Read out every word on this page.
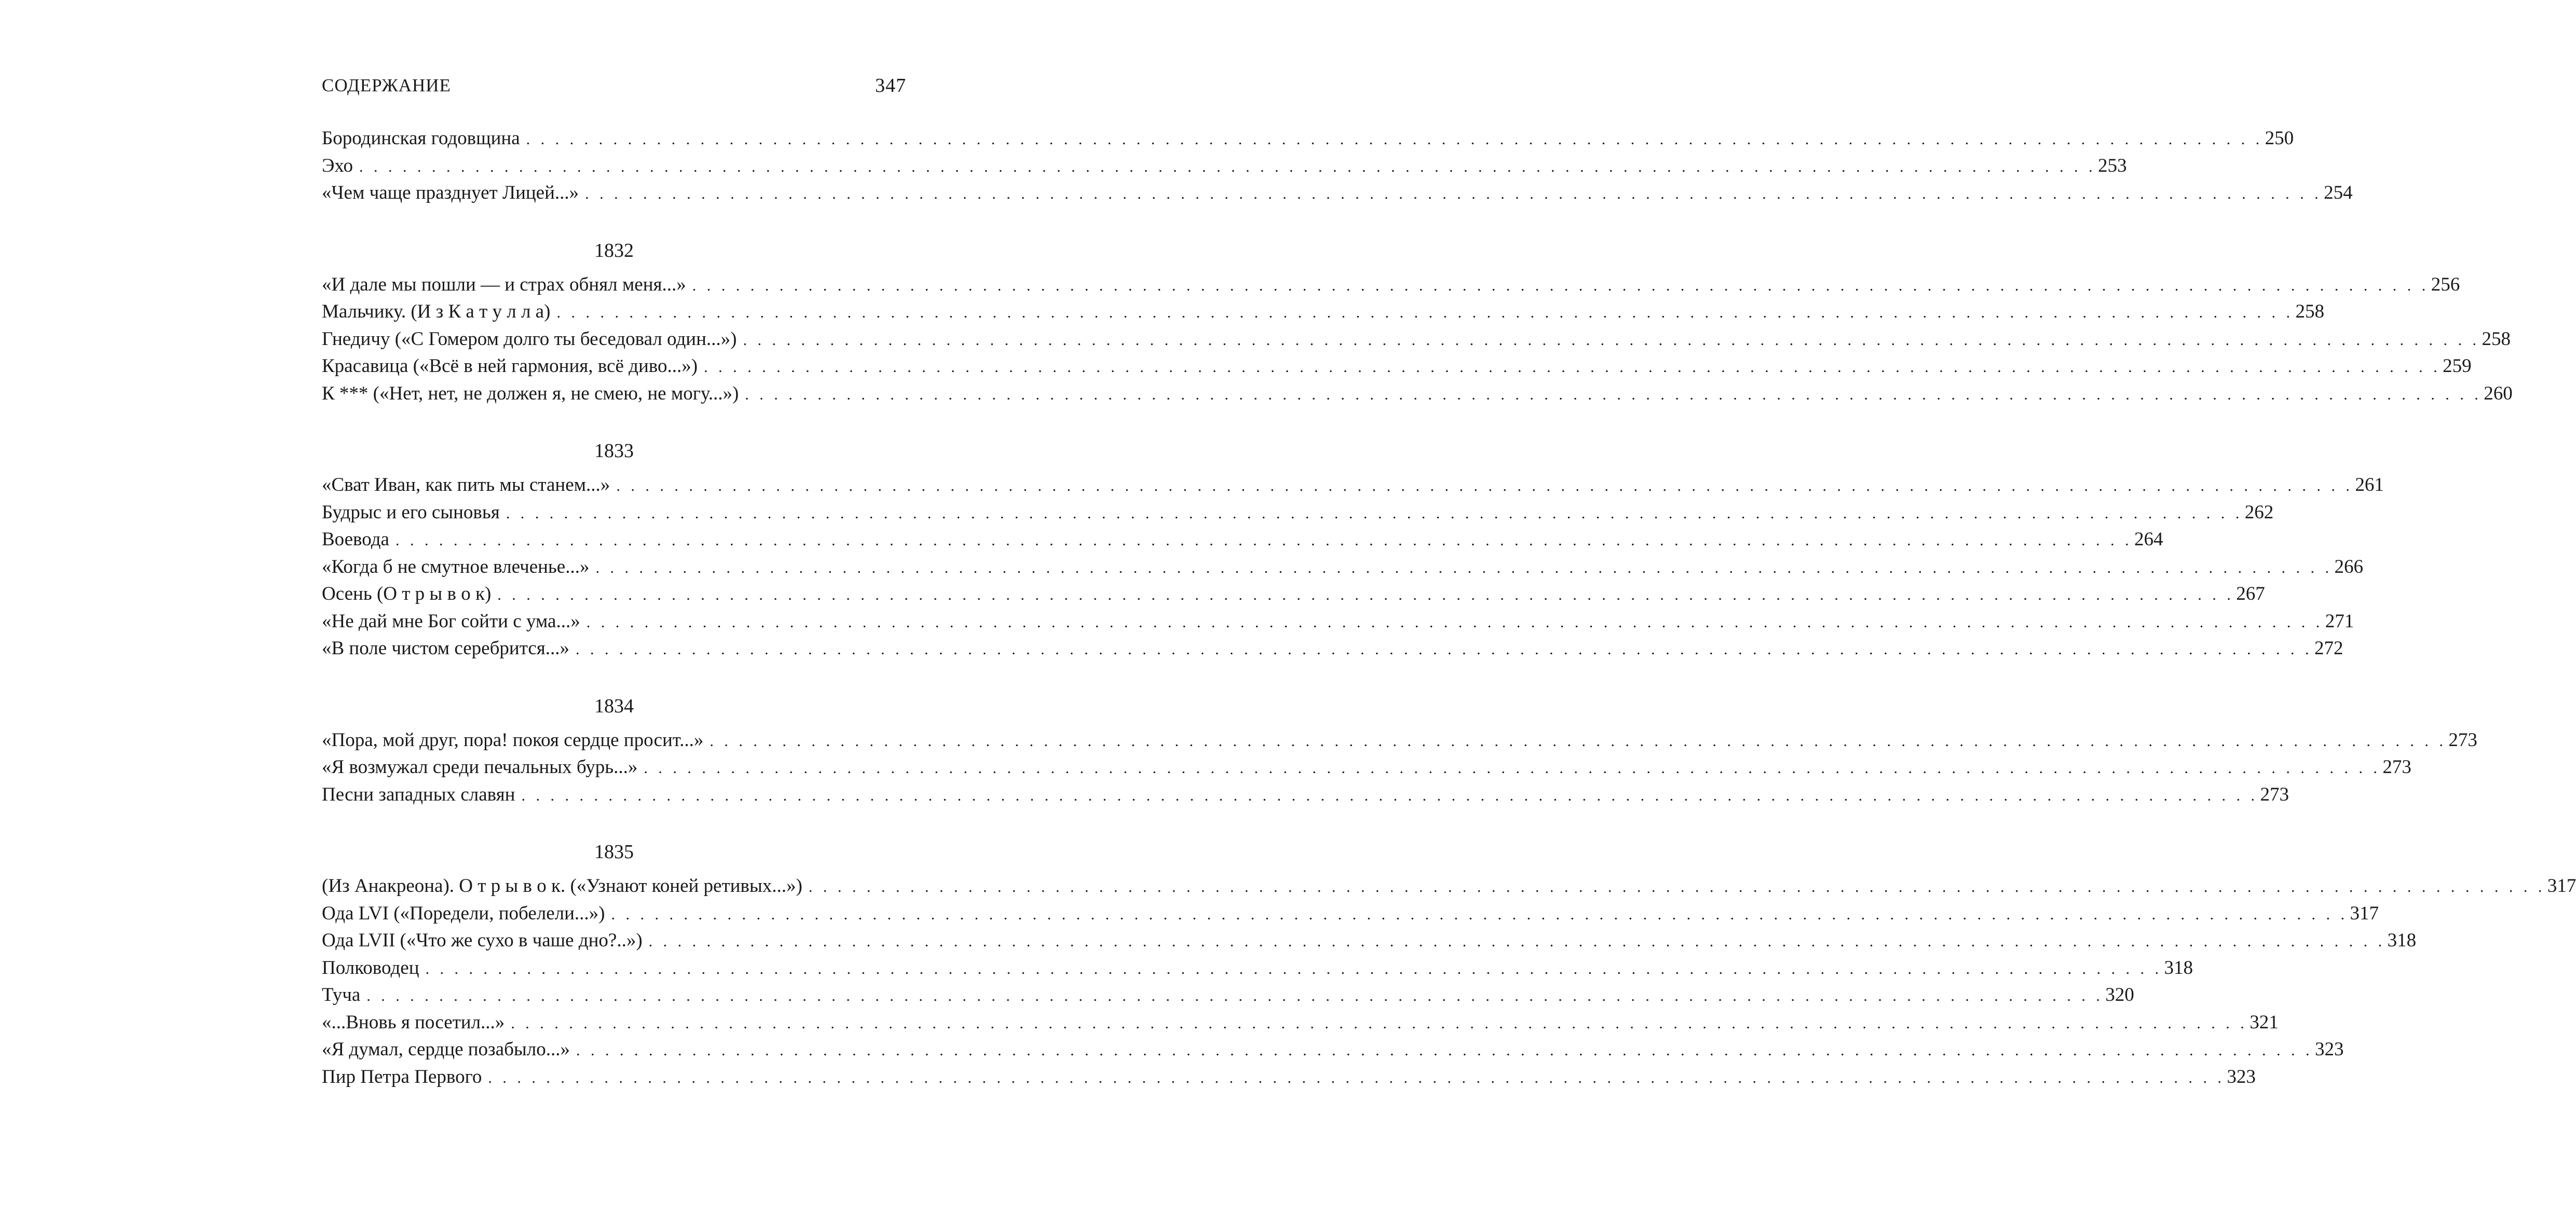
СОДЕРЖАНИЕ	347
Бородинская годовщина . . . . . . . . . . . . . . . . . . . . . . . . . . . . . . . . . . . . . . . . . . . . . . . . . . . . . . . . . . . . . . . . . . . . . . . . . . . . . . . . . . . . . . . . . . . . . . . . . . . . . . . . . . . . . . . . . . . . . . . . 250
Эхо . . . . . . . . . . . . . . . . . . . . . . . . . . . . . . . . . . . . . . . . . . . . . . . . . . . . . . . . . . . . . . . . . . . . . . . . . . . . . . . . . . . . . . . . . . . . . . . . . . . . . . . . . . . . . . . . . . . . . . . . 253
«Чем чаще празднует Лицей...» . . . . . . . . . . . . . . . . . . . . . . . . . . . . . . . . . . . . . . . . . . . . . . . . . . . . . . . . . . . . . . . . . . . . . . . . . . . . . . . . . . . . . . . . . . . . . . . . . . . . . . . . . . . . . . . . . . . . . . . . 254
1832
«И дале мы пошли — и страх обнял меня...» . . . . . . . . . . . . . . . . . . . . . . . . . . . . . . . . . . . . . . . . . . . . . . . . . . . . . . . . . . . . . . . . . . . . . . . . . . . . . . . . . . . . . . . . . . . . . . . . . . . . . . . . . . . . . . . . . . . . . . . . 256
Мальчику. (И з К а т у л л а) . . . . . . . . . . . . . . . . . . . . . . . . . . . . . . . . . . . . . . . . . . . . . . . . . . . . . . . . . . . . . . . . . . . . . . . . . . . . . . . . . . . . . . . . . . . . . . . . . . . . . . . . . . . . . . . . . . . . . . . . 258
Гнедичу («С Гомером долго ты беседовал один...») . . . . . . . . . . . . . . . . . . . . . . . . . . . . . . . . . . . . . . . . . . . . . . . . . . . . . . . . . . . . . . . . . . . . . . . . . . . . . . . . . . . . . . . . . . . . . . . . . . . . . . . . . . . . . . . . . . . . . . . . 258
Красавица («Всё в ней гармония, всё диво...») . . . . . . . . . . . . . . . . . . . . . . . . . . . . . . . . . . . . . . . . . . . . . . . . . . . . . . . . . . . . . . . . . . . . . . . . . . . . . . . . . . . . . . . . . . . . . . . . . . . . . . . . . . . . . . . . . . . . . . . . 259
К *** («Нет, нет, не должен я, не смею, не могу...») . . . . . . . . . . . . . . . . . . . . . . . . . . . . . . . . . . . . . . . . . . . . . . . . . . . . . . . . . . . . . . . . . . . . . . . . . . . . . . . . . . . . . . . . . . . . . . . . . . . . . . . . . . . . . . . . . . . . . . . . 260
1833
«Сват Иван, как пить мы станем...» . . . . . . . . . . . . . . . . . . . . . . . . . . . . . . . . . . . . . . . . . . . . . . . . . . . . . . . . . . . . . . . . . . . . . . . . . . . . . . . . . . . . . . . . . . . . . . . . . . . . . . . . . . . . . . . . . . . . . . . . 261
Будрыс и его сыновья . . . . . . . . . . . . . . . . . . . . . . . . . . . . . . . . . . . . . . . . . . . . . . . . . . . . . . . . . . . . . . . . . . . . . . . . . . . . . . . . . . . . . . . . . . . . . . . . . . . . . . . . . . . . . . . . . . . . . . . . 262
Воевода . . . . . . . . . . . . . . . . . . . . . . . . . . . . . . . . . . . . . . . . . . . . . . . . . . . . . . . . . . . . . . . . . . . . . . . . . . . . . . . . . . . . . . . . . . . . . . . . . . . . . . . . . . . . . . . . . . . . . . . . 264
«Когда б не смутное влеченье...» . . . . . . . . . . . . . . . . . . . . . . . . . . . . . . . . . . . . . . . . . . . . . . . . . . . . . . . . . . . . . . . . . . . . . . . . . . . . . . . . . . . . . . . . . . . . . . . . . . . . . . . . . . . . . . . . . . . . . . . . 266
Осень (О т р ы в о к) . . . . . . . . . . . . . . . . . . . . . . . . . . . . . . . . . . . . . . . . . . . . . . . . . . . . . . . . . . . . . . . . . . . . . . . . . . . . . . . . . . . . . . . . . . . . . . . . . . . . . . . . . . . . . . . . . . . . . . . . 267
«Не дай мне Бог сойти с ума...» . . . . . . . . . . . . . . . . . . . . . . . . . . . . . . . . . . . . . . . . . . . . . . . . . . . . . . . . . . . . . . . . . . . . . . . . . . . . . . . . . . . . . . . . . . . . . . . . . . . . . . . . . . . . . . . . . . . . . . . . 271
«В поле чистом серебрится...» . . . . . . . . . . . . . . . . . . . . . . . . . . . . . . . . . . . . . . . . . . . . . . . . . . . . . . . . . . . . . . . . . . . . . . . . . . . . . . . . . . . . . . . . . . . . . . . . . . . . . . . . . . . . . . . . . . . . . . . . 272
1834
«Пора, мой друг, пора! покоя сердце просит...» . . . . . . . . . . . . . . . . . . . . . . . . . . . . . . . . . . . . . . . . . . . . . . . . . . . . . . . . . . . . . . . . . . . . . . . . . . . . . . . . . . . . . . . . . . . . . . . . . . . . . . . . . . . . . . . . . . . . . . . . 273
«Я возмужал среди печальных бурь...» . . . . . . . . . . . . . . . . . . . . . . . . . . . . . . . . . . . . . . . . . . . . . . . . . . . . . . . . . . . . . . . . . . . . . . . . . . . . . . . . . . . . . . . . . . . . . . . . . . . . . . . . . . . . . . . . . . . . . . . . 273
Песни западных славян . . . . . . . . . . . . . . . . . . . . . . . . . . . . . . . . . . . . . . . . . . . . . . . . . . . . . . . . . . . . . . . . . . . . . . . . . . . . . . . . . . . . . . . . . . . . . . . . . . . . . . . . . . . . . . . . . . . . . . . . 273
1835
(Из Анакреона). О т р ы в о к. («Узнают коней ретивых...») . . . . . . . . . . . . . . . . . . . . . . . . . . . . . . . . . . . . . . . . . . . . . . . . . . . . . . . . . . . . . . . . . . . . . . . . . . . . . . . . . . . . . . . . . . . . . . . . . . . . . . . . . . . . . . . . . . . . . . . . 317
Ода LVI («Поредели, побелели...») . . . . . . . . . . . . . . . . . . . . . . . . . . . . . . . . . . . . . . . . . . . . . . . . . . . . . . . . . . . . . . . . . . . . . . . . . . . . . . . . . . . . . . . . . . . . . . . . . . . . . . . . . . . . . . . . . . . . . . . . 317
Ода LVII («Что же сухо в чаше дно?..») . . . . . . . . . . . . . . . . . . . . . . . . . . . . . . . . . . . . . . . . . . . . . . . . . . . . . . . . . . . . . . . . . . . . . . . . . . . . . . . . . . . . . . . . . . . . . . . . . . . . . . . . . . . . . . . . . . . . . . . . 318
Полководец . . . . . . . . . . . . . . . . . . . . . . . . . . . . . . . . . . . . . . . . . . . . . . . . . . . . . . . . . . . . . . . . . . . . . . . . . . . . . . . . . . . . . . . . . . . . . . . . . . . . . . . . . . . . . . . . . . . . . . . . 318
Туча . . . . . . . . . . . . . . . . . . . . . . . . . . . . . . . . . . . . . . . . . . . . . . . . . . . . . . . . . . . . . . . . . . . . . . . . . . . . . . . . . . . . . . . . . . . . . . . . . . . . . . . . . . . . . . . . . . . . . . . . 320
«...Вновь я посетил...» . . . . . . . . . . . . . . . . . . . . . . . . . . . . . . . . . . . . . . . . . . . . . . . . . . . . . . . . . . . . . . . . . . . . . . . . . . . . . . . . . . . . . . . . . . . . . . . . . . . . . . . . . . . . . . . . . . . . . . . . 321
«Я думал, сердце позабыло...» . . . . . . . . . . . . . . . . . . . . . . . . . . . . . . . . . . . . . . . . . . . . . . . . . . . . . . . . . . . . . . . . . . . . . . . . . . . . . . . . . . . . . . . . . . . . . . . . . . . . . . . . . . . . . . . . . . . . . . . . 323
Пир Петра Первого . . . . . . . . . . . . . . . . . . . . . . . . . . . . . . . . . . . . . . . . . . . . . . . . . . . . . . . . . . . . . . . . . . . . . . . . . . . . . . . . . . . . . . . . . . . . . . . . . . . . . . . . . . . . . . . . . . . . . . . . 323
